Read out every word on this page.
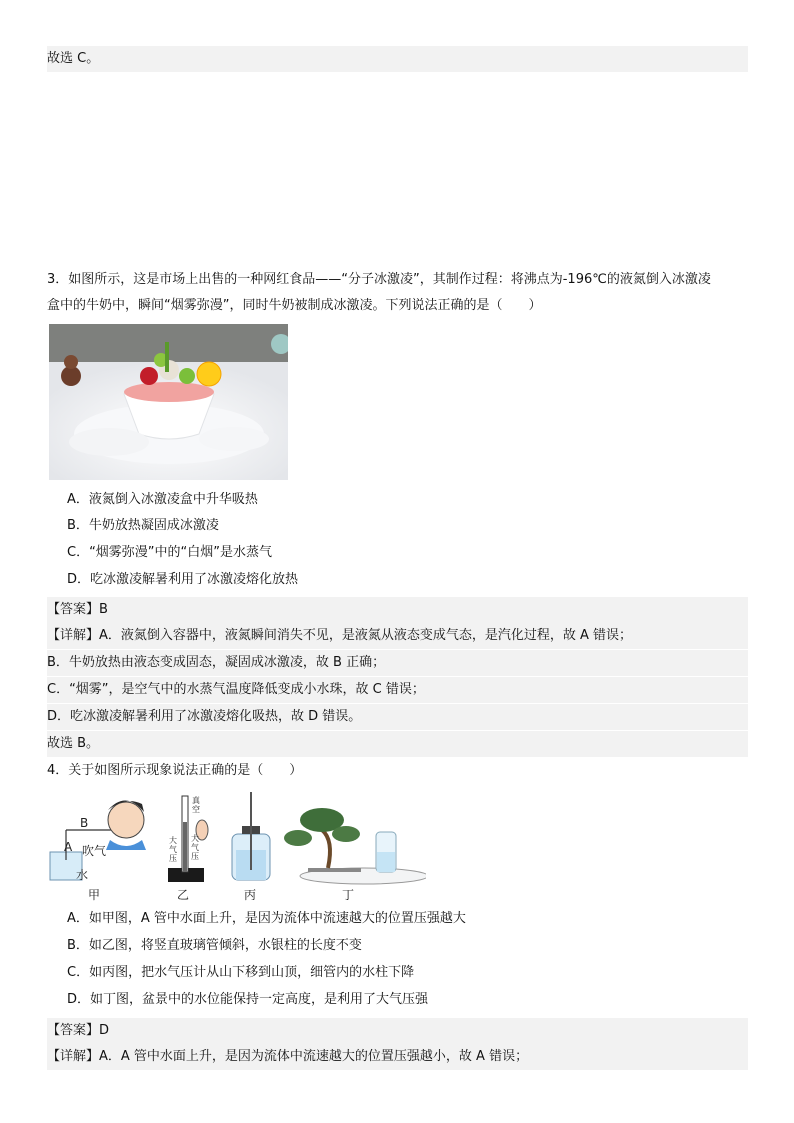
故选 C。
3．如图所示，这是市场上出售的一种网红食品——“分子冰激凌”，其制作过程：将沸点为-196℃的液氮倒入冰激凌
盒中的牛奶中，瞬间“烟雾弥漫”，同时牛奶被制成冰激凌。下列说法正确的是（　　）
A．液氮倒入冰激凌盒中升华吸热
B．牛奶放热凝固成冰激凌
C．“烟雾弥漫”中的“白烟”是水蒸气
D．吃冰激凌解暑利用了冰激凌熔化放热
【答案】B
【详解】A．液氮倒入容器中，液氮瞬间消失不见，是液氮从液态变成气态，是汽化过程，故 A 错误；
B．牛奶放热由液态变成固态，凝固成冰激凌，故 B 正确；
C．“烟雾”，是空气中的水蒸气温度降低变成小水珠，故 C 错误；
D．吃冰激凌解暑利用了冰激凌熔化吸热，故 D 错误。
故选 B。
4．关于如图所示现象说法正确的是（　　）
B
A 吹气
水
真空
大气压
大气压
甲	乙	丙	丁
A．如甲图，A 管中水面上升，是因为流体中流速越大的位置压强越大
B．如乙图，将竖直玻璃管倾斜，水银柱的长度不变
C．如丙图，把水气压计从山下移到山顶，细管内的水柱下降
D．如丁图，盆景中的水位能保持一定高度，是利用了大气压强
【答案】D
【详解】A．A 管中水面上升，是因为流体中流速越大的位置压强越小，故 A 错误；
